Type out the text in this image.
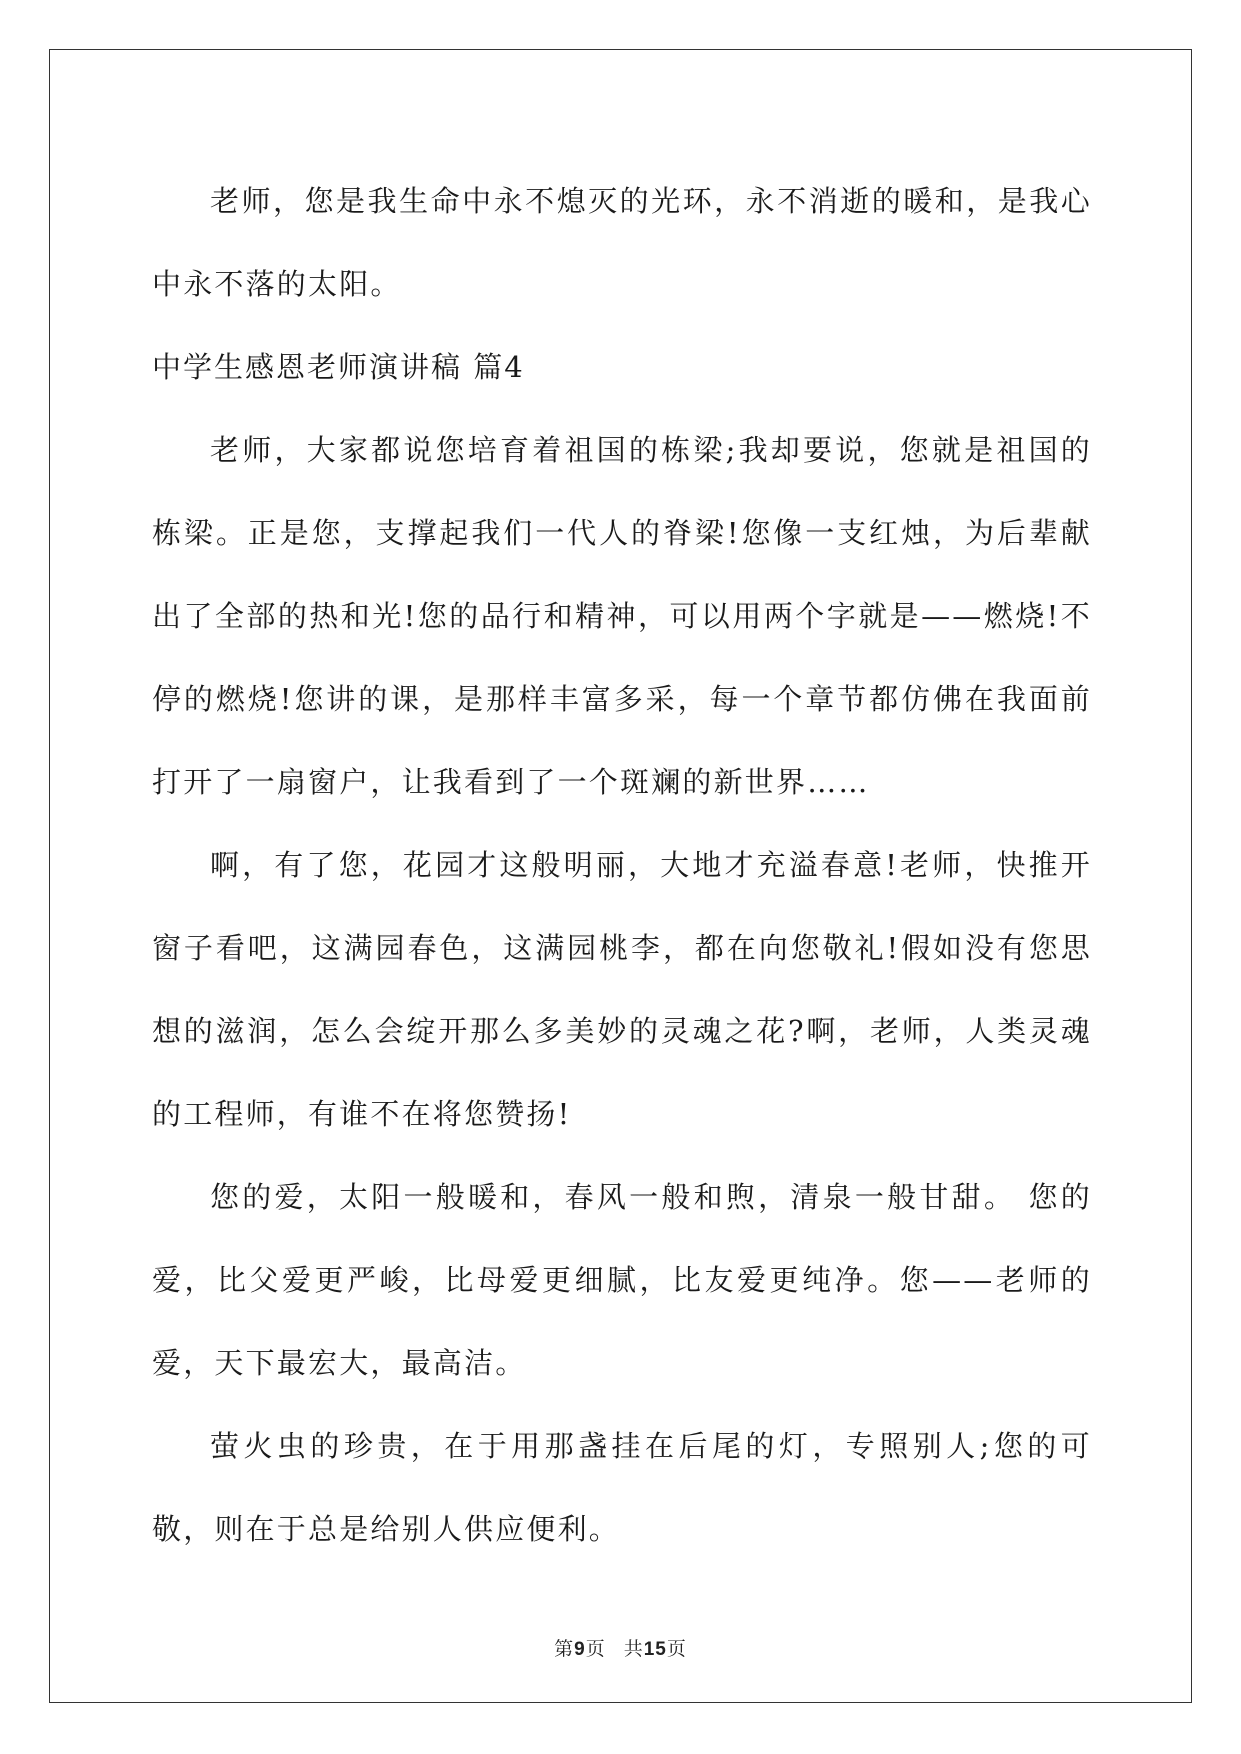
老师，您是我生命中永不熄灭的光环，永不消逝的暖和，是我心中永不落的太阳。

中学生感恩老师演讲稿 篇4

老师，大家都说您培育着祖国的栋梁;我却要说，您就是祖国的栋梁。正是您，支撑起我们一代人的脊梁!您像一支红烛，为后辈献出了全部的热和光!您的品行和精神，可以用两个字就是——燃烧!不停的燃烧!您讲的课，是那样丰富多采，每一个章节都仿佛在我面前打开了一扇窗户，让我看到了一个斑斓的新世界……

啊，有了您，花园才这般明丽，大地才充溢春意!老师，快推开窗子看吧，这满园春色，这满园桃李，都在向您敬礼!假如没有您思想的滋润，怎么会绽开那么多美妙的灵魂之花?啊，老师，人类灵魂的工程师，有谁不在将您赞扬!

您的爱，太阳一般暖和，春风一般和煦，清泉一般甘甜。 您的爱，比父爱更严峻，比母爱更细腻，比友爱更纯净。您——老师的爱，天下最宏大，最高洁。

萤火虫的珍贵，在于用那盏挂在后尾的灯，专照别人;您的可敬，则在于总是给别人供应便利。

第9页 共15页
